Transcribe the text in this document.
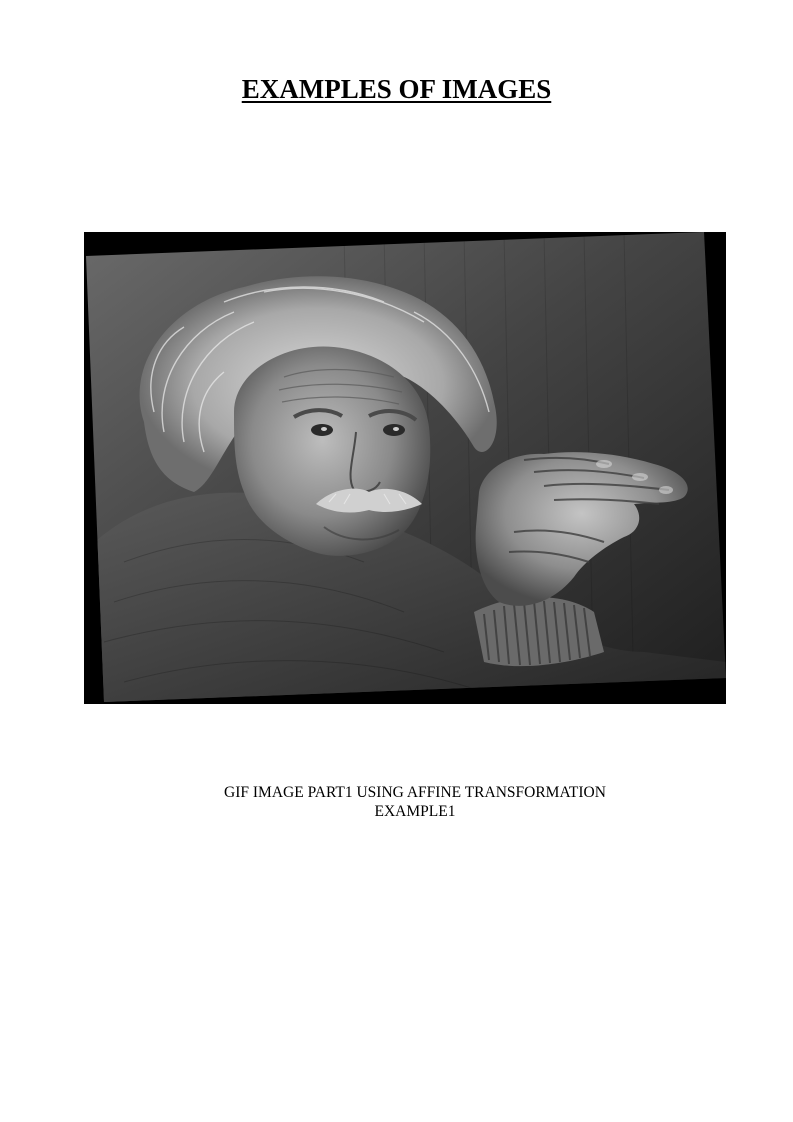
EXAMPLES OF IMAGES
GIF IMAGE PART1 USING AFFINE TRANSFORMATION
EXAMPLE1
